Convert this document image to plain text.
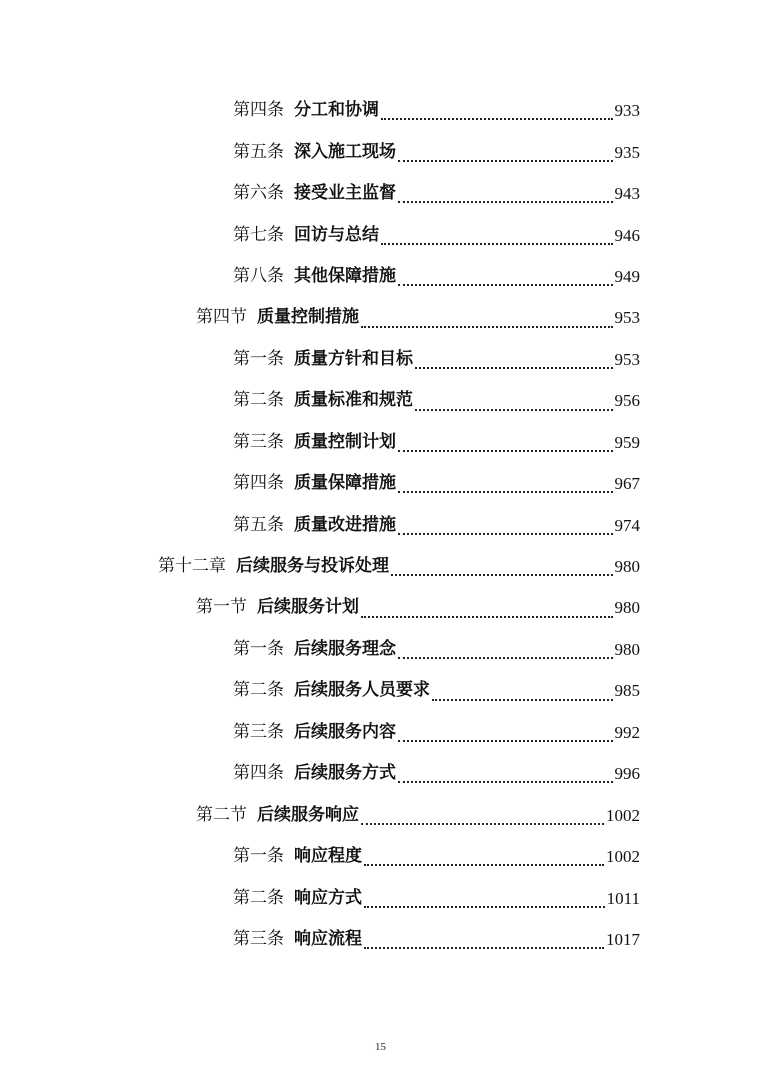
第四条 分工和协调	933
第五条 深入施工现场	935
第六条 接受业主监督	943
第七条 回访与总结	946
第八条 其他保障措施	949
第四节 质量控制措施	953
第一条 质量方针和目标	953
第二条 质量标准和规范	956
第三条 质量控制计划	959
第四条 质量保障措施	967
第五条 质量改进措施	974
第十二章 后续服务与投诉处理	980
第一节 后续服务计划	980
第一条 后续服务理念	980
第二条 后续服务人员要求	985
第三条 后续服务内容	992
第四条 后续服务方式	996
第二节 后续服务响应	1002
第一条 响应程度	1002
第二条 响应方式	1011
第三条 响应流程	1017
15
